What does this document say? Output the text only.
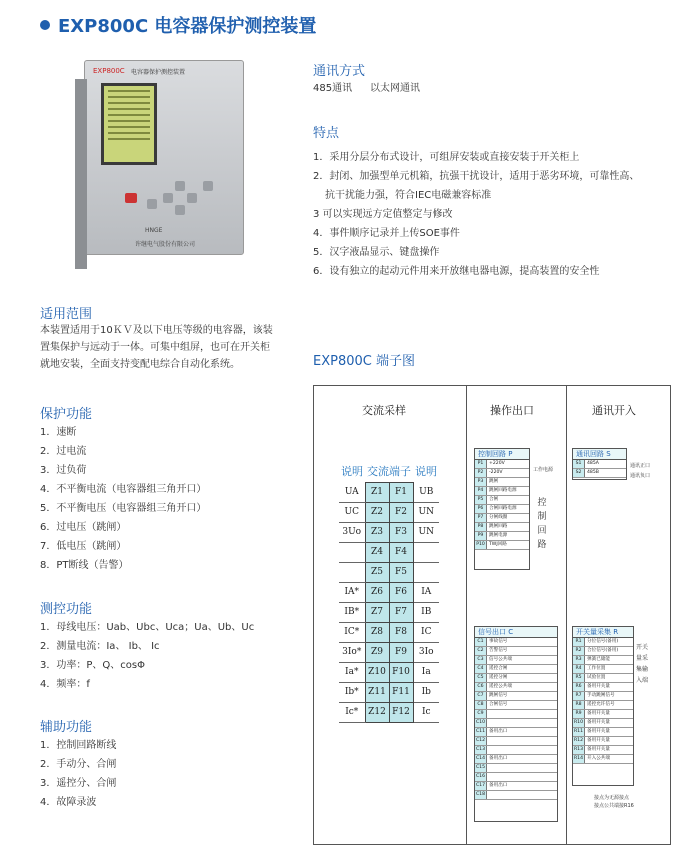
EXP800C 电容器保护测控装置
EXP800C 电容器保护测控装置
HNGE
许继电气股份有限公司
通讯方式
485通讯 以太网通讯
特点
1．采用分层分布式设计，可组屏安装或直接安装于开关柜上
2．封闭、加强型单元机箱，抗强干扰设计，适用于恶劣环境，可靠性高、
抗干扰能力强，符合IEC电磁兼容标准
3 可以实现远方定值整定与修改
4．事件顺序记录并上传SOE事件
5．汉字液晶显示、键盘操作
6．设有独立的起动元件用来开放继电器电源，提高装置的安全性
适用范围
本装置适用于10ＫＶ及以下电压等级的电容器，该装
置集保护与远动于一体。可集中组屏，也可在开关柜
就地安装，全面支持变配电综合自动化系统。
保护功能
1．速断
2．过电流
3．过负荷
4．不平衡电流（电容器组三角开口）
5．不平衡电压（电容器组三角开口）
6．过电压（跳闸）
7．低电压（跳闸）
8．PT断线（告警）
测控功能
1．母线电压：Uab、Ubc、Uca；Ua、Ub、Uc
2．测量电流：Ia、 Ib、 Ic
3．功率：P、Q、cosΦ
4．频率：f
辅助功能
1．控制回路断线
2．手动分、合闸
3．遥控分、合闸
4．故障录波
EXP800C 端子图
交流采样	操作出口	通讯开入
说明	交流端子		说明
UA	Z1	F1	UB
UC	Z2	F2	UN
3Uo	Z3	F3	UN
	Z4	F4	
	Z5	F5	
IA*	Z6	F6	IA
IB*	Z7	F7	IB
IC*	Z8	F8	IC
3Io*	Z9	F9	3Io
Ia*	Z10	F10	Ia
Ib*	Z11	F11	Ib
Ic*	Z12	F12	Ic
控制回路 P
P1	+220V
P2	-220V
P3	跳闸
P4	跳闸回路电源
P5	合闸
P6	合闸回路电源
P7	分闸线圈
P8	跳闸回路
P9	跳闸电源
P10 TWJ回路
工作电源
控制回路
通讯回路 S
S1	485A
S2	485B
通讯正口
通讯负口
信号出口 C
C1	事故信号
C2	告警信号
C3	信号公共端
C4	遥控合闸
C5	遥控分闸
C6	遥控公共端
C7	跳闸信号
C8	合闸信号
C9
C10
C11 备用出口
C12
C13
C14 备用出口
C15
C16
C17 备用出口
C18
开关量采集 R
R1	分位信号(备用)
R2	合位信号(备用)
R3	弹簧已储能
R4	工作位置
R5	试验位置
R6	备用开关量
R7	手动跳闸信号
R8	遥控允许信号
R9	备用开关量
R10 备用开关量
R11 备用开关量
R12 备用开关量
R13 备用开关量
R14 开入公共端
开关量采集输入端
接点为无源接点
接点公共端接R16
